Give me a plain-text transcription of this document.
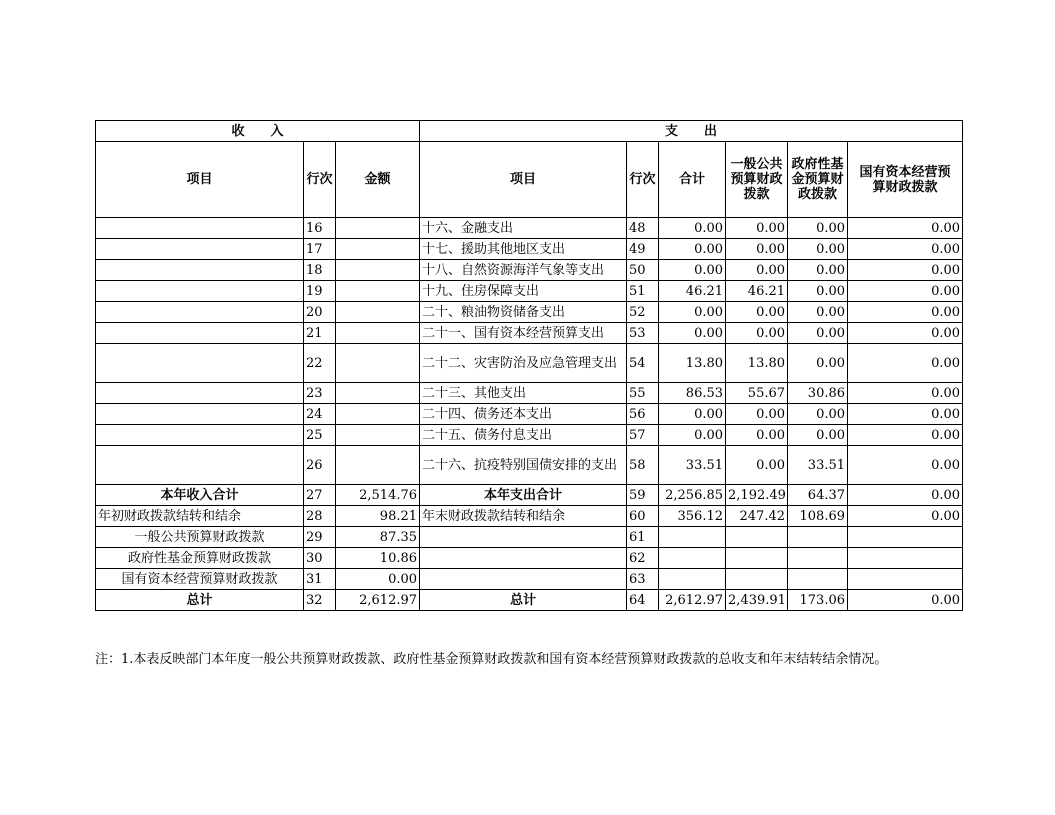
收　　入			支　　出					
项目	行次	金额	项目	行次	合计	一般公共预算财政拨款	政府性基金预算财政拨款	国有资本经营预算财政拨款
	16		十六、金融支出	48	0.00	0.00	0.00	0.00
	17		十七、援助其他地区支出	49	0.00	0.00	0.00	0.00
	18		十八、自然资源海洋气象等支出	50	0.00	0.00	0.00	0.00
	19		十九、住房保障支出	51	46.21	46.21	0.00	0.00
	20		二十、粮油物资储备支出	52	0.00	0.00	0.00	0.00
	21		二十一、国有资本经营预算支出	53	0.00	0.00	0.00	0.00
	22		二十二、灾害防治及应急管理支出	54	13.80	13.80	0.00	0.00
	23		二十三、其他支出	55	86.53	55.67	30.86	0.00
	24		二十四、债务还本支出	56	0.00	0.00	0.00	0.00
	25		二十五、债务付息支出	57	0.00	0.00	0.00	0.00
	26		二十六、抗疫特别国债安排的支出	58	33.51	0.00	33.51	0.00
本年收入合计	27	2,514.76	本年支出合计	59	2,256.85	2,192.49	64.37	0.00
年初财政拨款结转和结余	28	98.21	年末财政拨款结转和结余	60	356.12	247.42	108.69	0.00
一般公共预算财政拨款	29	87.35		61				
政府性基金预算财政拨款	30	10.86		62				
国有资本经营预算财政拨款	31	0.00		63				
总计	32	2,612.97	总计	64	2,612.97	2,439.91	173.06	0.00
注：1.本表反映部门本年度一般公共预算财政拨款、政府性基金预算财政拨款和国有资本经营预算财政拨款的总收支和年末结转结余情况。
